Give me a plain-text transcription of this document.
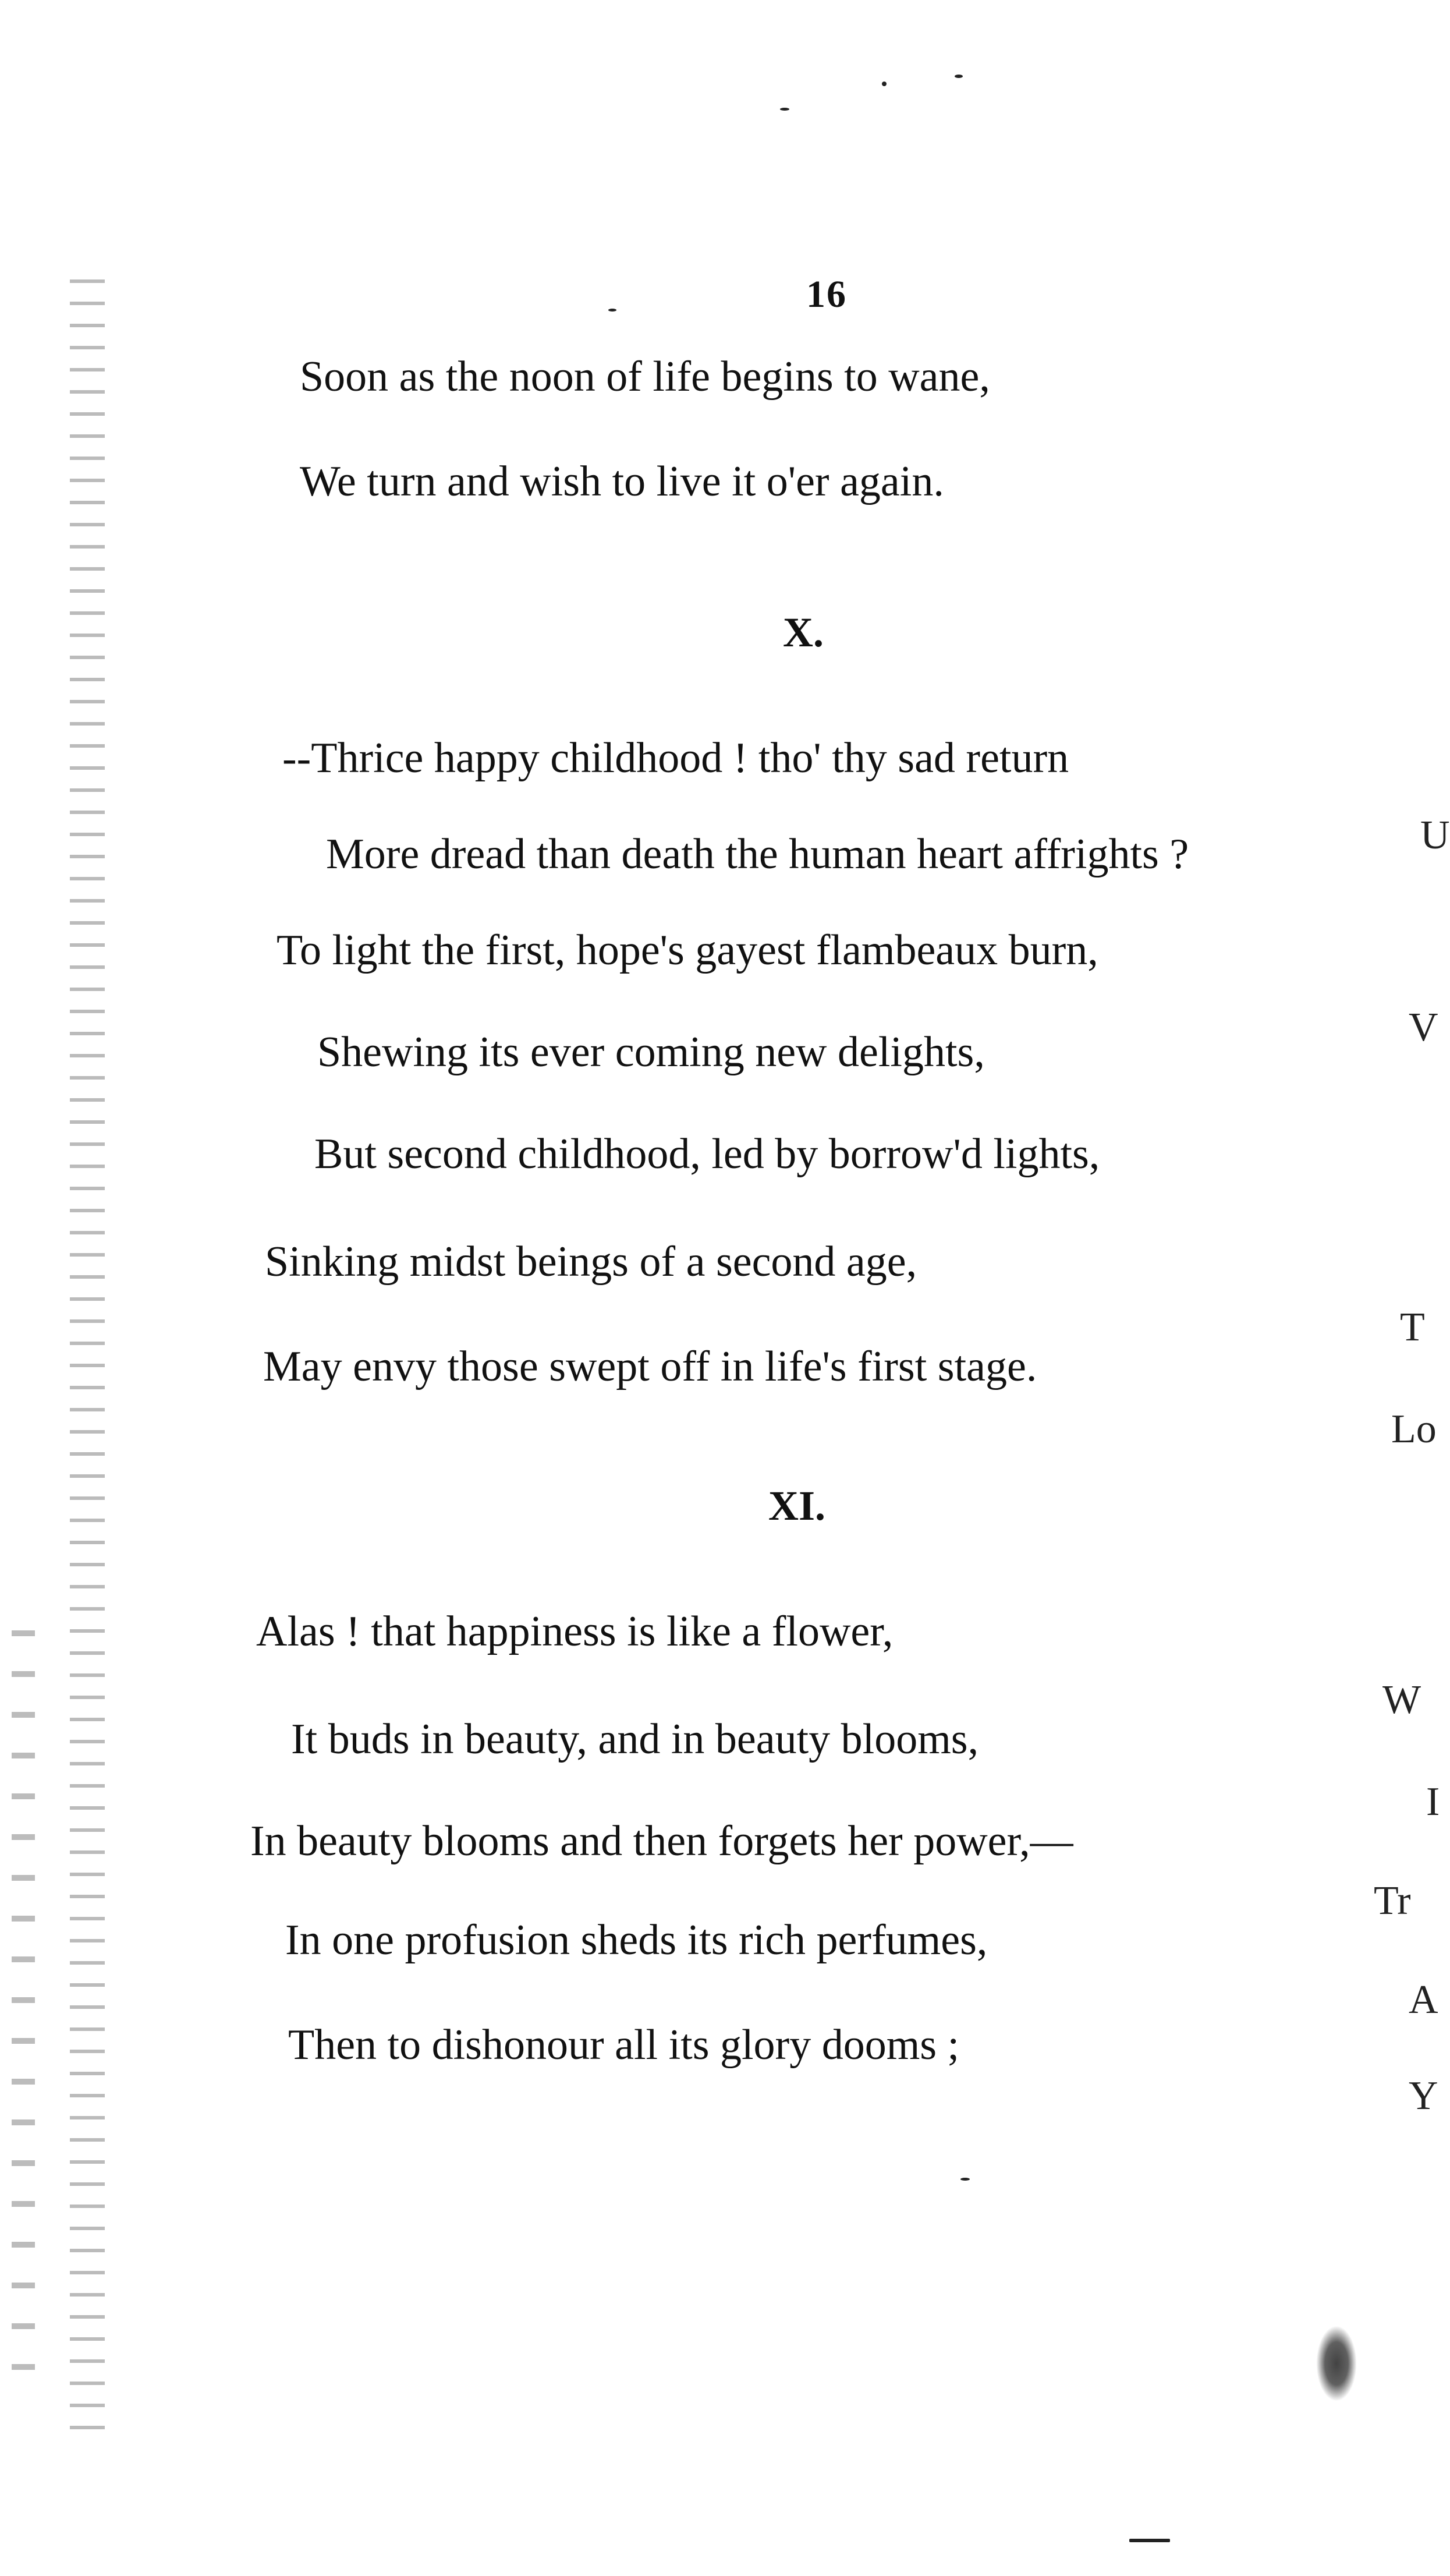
16
Soon as the noon of life begins to wane,
We turn and wish to live it o'er again.
X.
--Thrice happy childhood ! tho' thy sad return
More dread than death the human heart affrights ?
To light the first, hope's gayest flambeaux burn,
Shewing its ever coming new delights,
But second childhood, led by borrow'd lights,
Sinking midst beings of a second age,
May envy those swept off in life's first stage.
XI.
Alas ! that happiness is like a flower,
It buds in beauty, and in beauty blooms,
In beauty blooms and then forgets her power,—
In one profusion sheds its rich perfumes,
Then to dishonour all its glory dooms ;
U
V
T
Lo
W
I
Tr
A
Y
